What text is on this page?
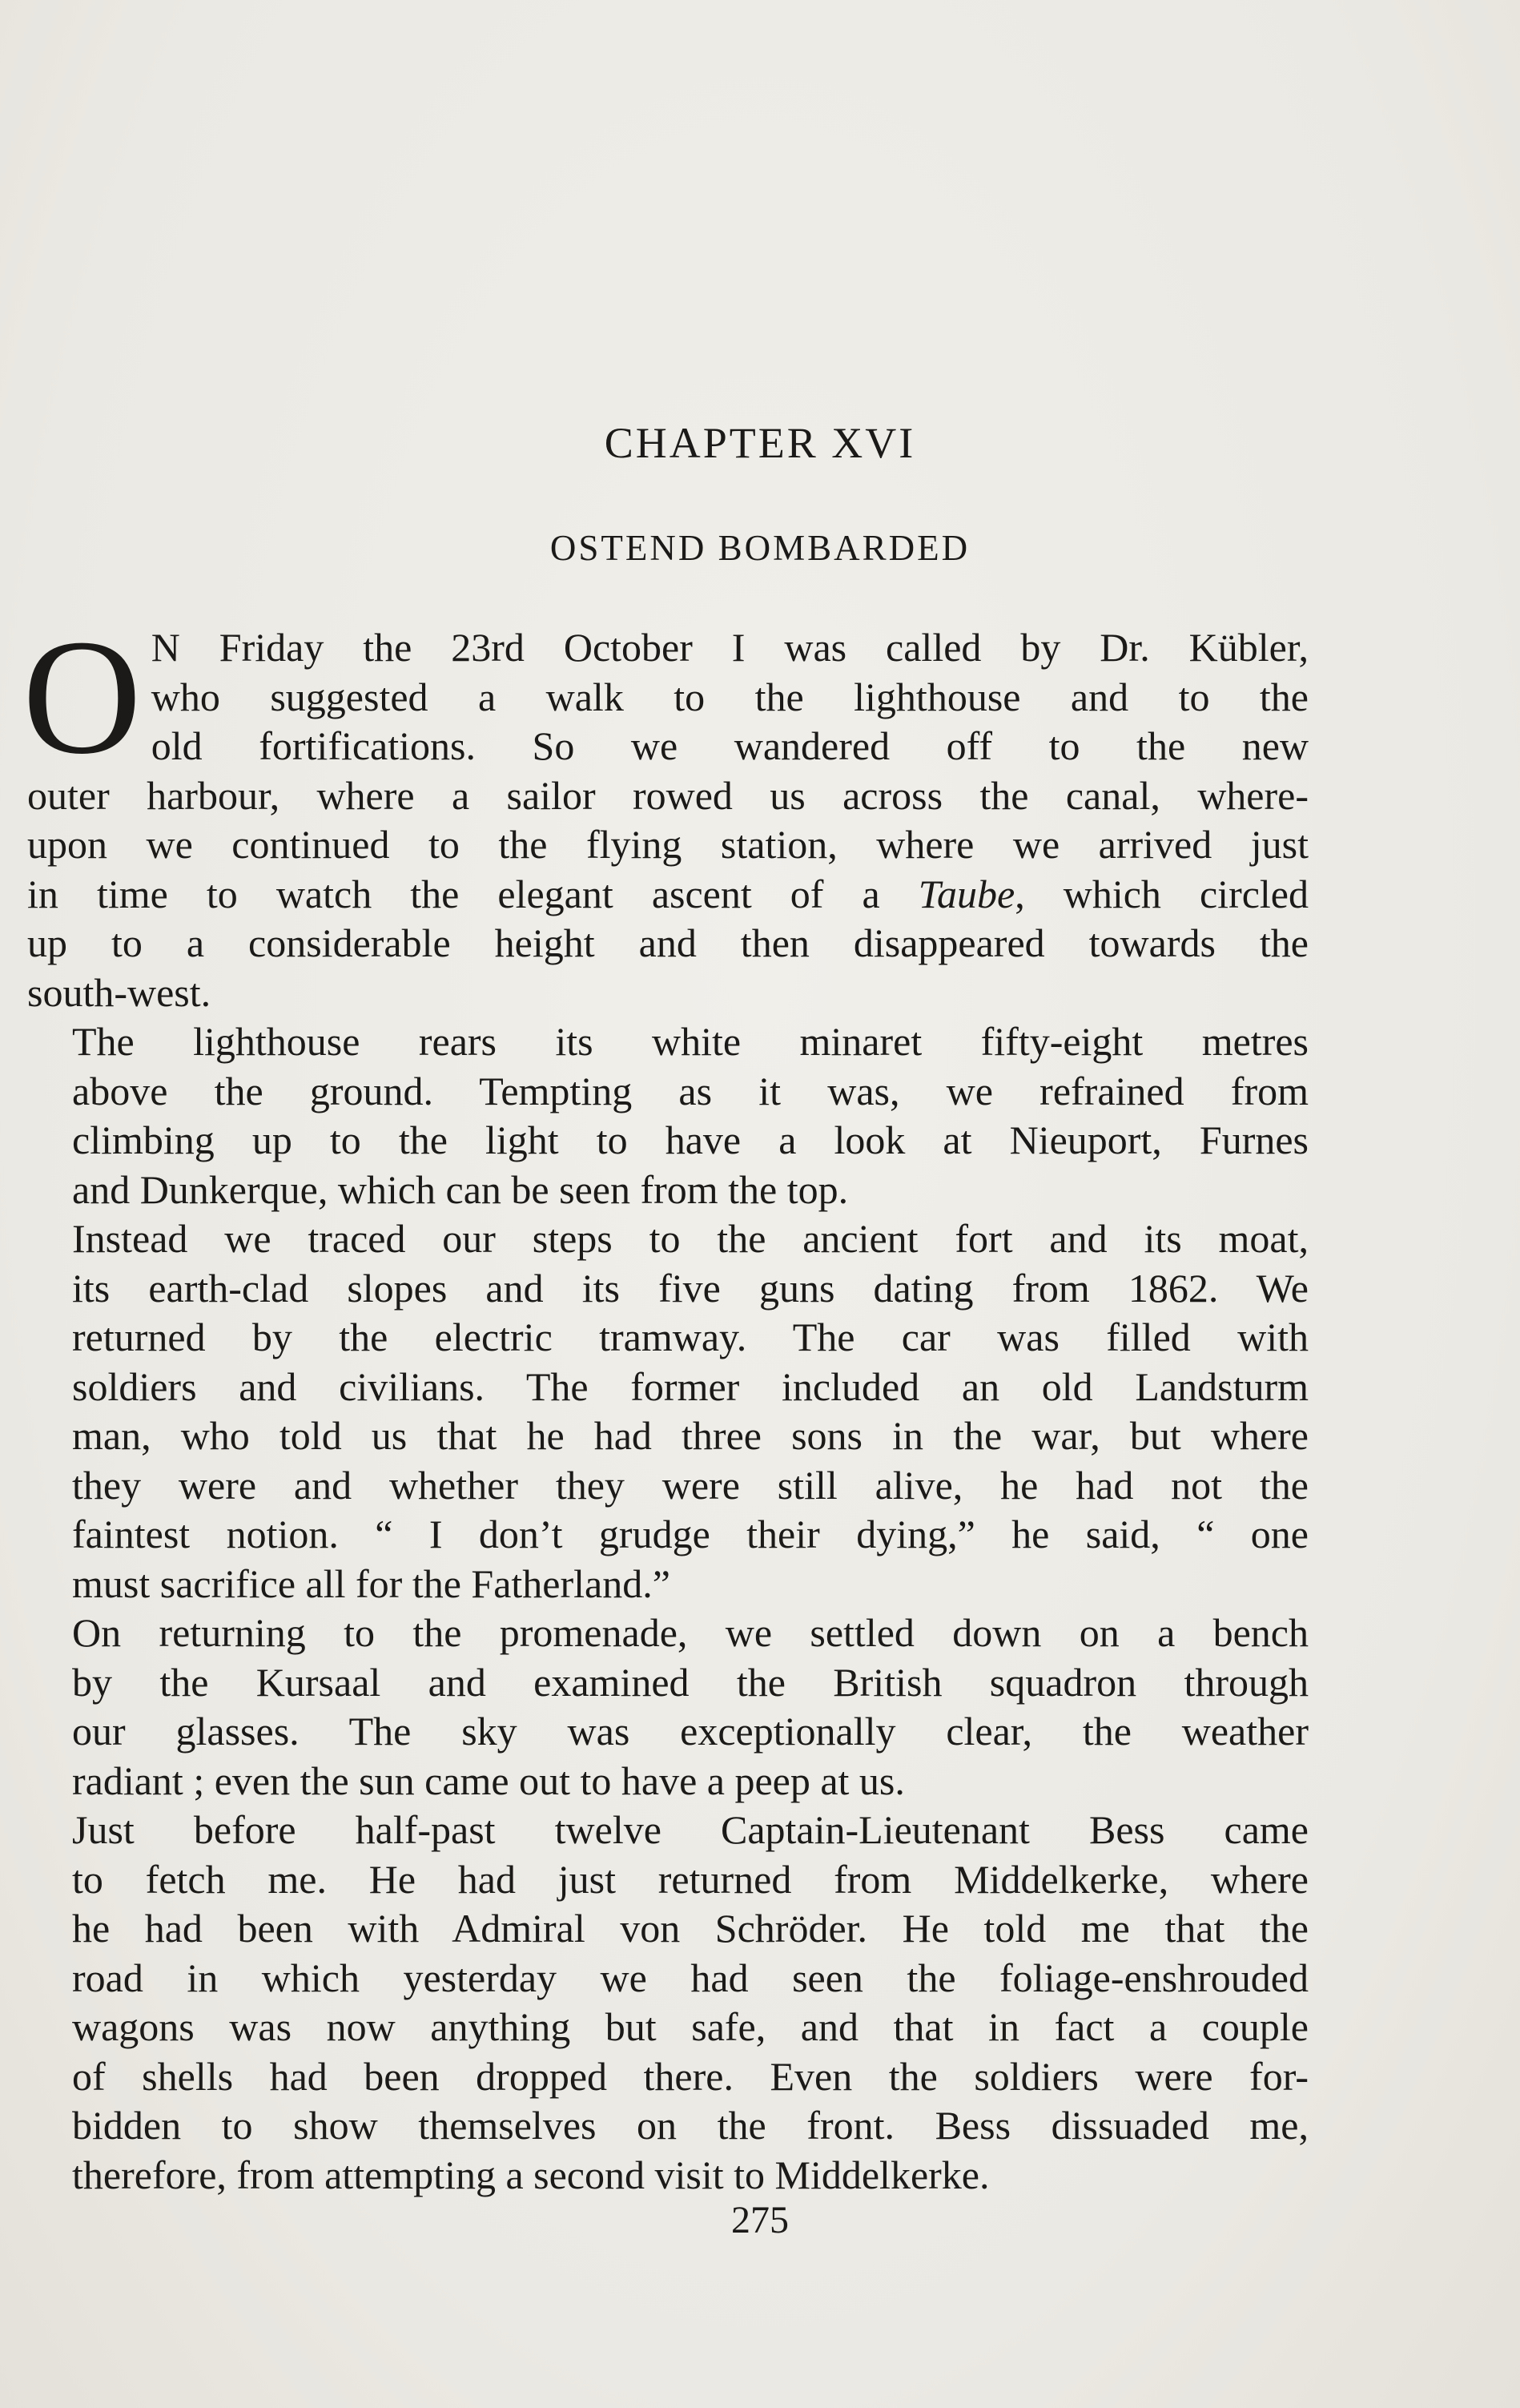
CHAPTER XVI
OSTEND BOMBARDED

O N Friday the 23rd October I was called by Dr. Kübler,
who suggested a walk to the lighthouse and to the
old fortifications. So we wandered off to the new
outer harbour, where a sailor rowed us across the canal, where-
upon we continued to the flying station, where we arrived just
in time to watch the elegant ascent of a Taube, which circled
up to a considerable height and then disappeared towards the
south-west.

The lighthouse rears its white minaret fifty-eight metres
above the ground. Tempting as it was, we refrained from
climbing up to the light to have a look at Nieuport, Furnes
and Dunkerque, which can be seen from the top.

Instead we traced our steps to the ancient fort and its moat,
its earth-clad slopes and its five guns dating from 1862. We
returned by the electric tramway. The car was filled with
soldiers and civilians. The former included an old Landsturm
man, who told us that he had three sons in the war, but where
they were and whether they were still alive, he had not the
faintest notion. “ I don’t grudge their dying,” he said, “ one
must sacrifice all for the Fatherland.”

On returning to the promenade, we settled down on a bench
by the Kursaal and examined the British squadron through
our glasses. The sky was exceptionally clear, the weather
radiant ; even the sun came out to have a peep at us.

Just before half-past twelve Captain-Lieutenant Bess came
to fetch me. He had just returned from Middelkerke, where
he had been with Admiral von Schröder. He told me that the
road in which yesterday we had seen the foliage-enshrouded
wagons was now anything but safe, and that in fact a couple
of shells had been dropped there. Even the soldiers were for-
bidden to show themselves on the front. Bess dissuaded me,
therefore, from attempting a second visit to Middelkerke.

275
